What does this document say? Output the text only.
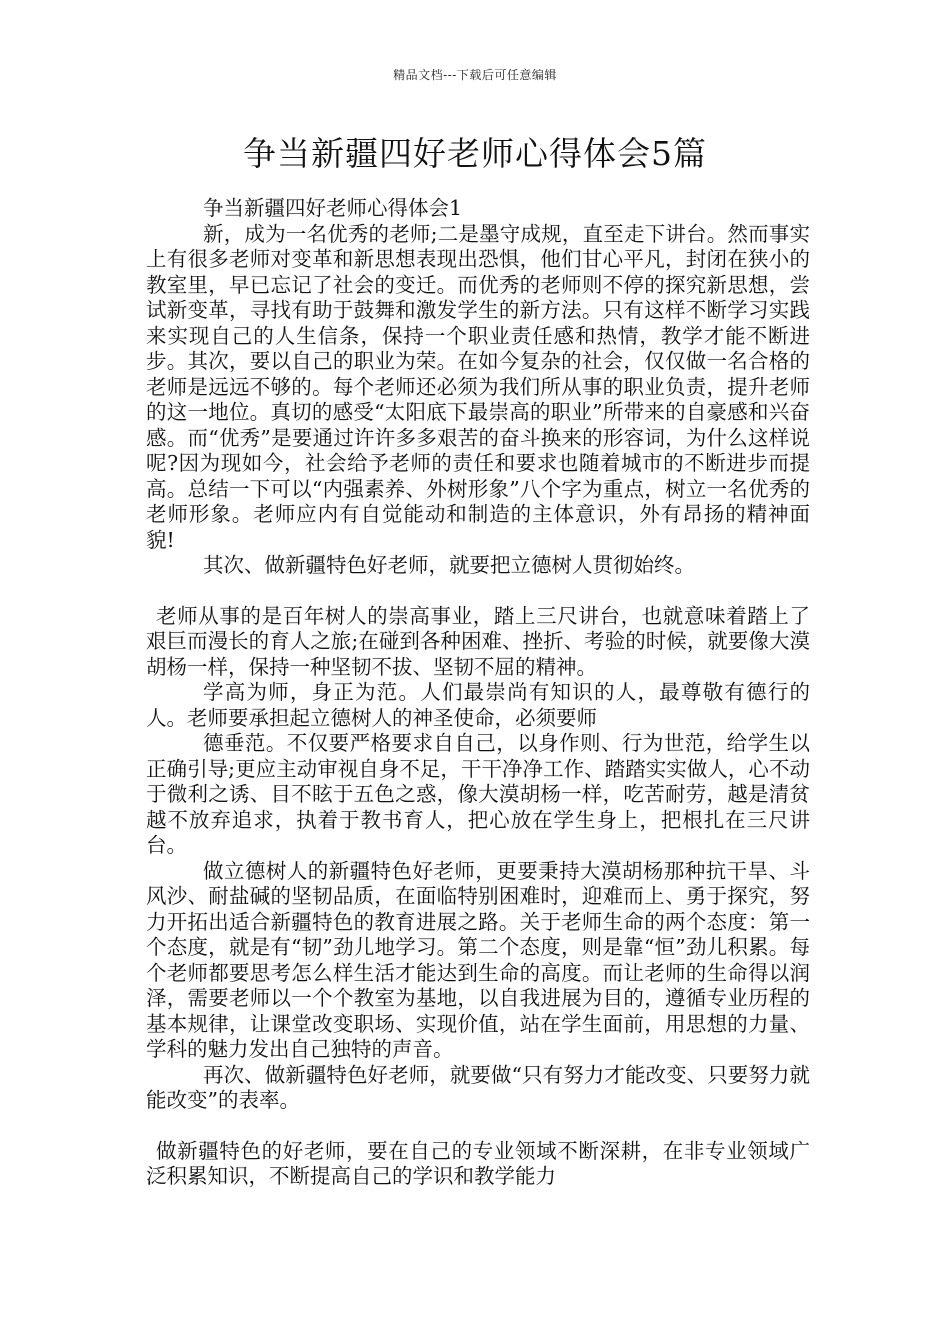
精品文档---下载后可任意编辑
争当新疆四好老师心得体会5篇

争当新疆四好老师心得体会1

新，成为一名优秀的老师;二是墨守成规，直至走下讲台。然而事实上有很多老师对变革和新思想表现出恐惧，他们甘心平凡，封闭在狭小的教室里，早已忘记了社会的变迁。而优秀的老师则不停的探究新思想，尝试新变革，寻找有助于鼓舞和激发学生的新方法。只有这样不断学习实践来实现自己的人生信条，保持一个职业责任感和热情，教学才能不断进步。其次，要以自己的职业为荣。在如今复杂的社会，仅仅做一名合格的老师是远远不够的。每个老师还必须为我们所从事的职业负责，提升老师的这一地位。真切的感受“太阳底下最崇高的职业”所带来的自豪感和兴奋感。而“优秀”是要通过许许多多艰苦的奋斗换来的形容词，为什么这样说呢?因为现如今，社会给予老师的责任和要求也随着城市的不断进步而提高。总结一下可以“内强素养、外树形象”八个字为重点，树立一名优秀的老师形象。老师应内有自觉能动和制造的主体意识，外有昂扬的精神面貌!

其次、做新疆特色好老师，就要把立德树人贯彻始终。

老师从事的是百年树人的崇高事业，踏上三尺讲台，也就意味着踏上了艰巨而漫长的育人之旅;在碰到各种困难、挫折、考验的时候，就要像大漠胡杨一样，保持一种坚韧不拔、坚韧不屈的精神。

学高为师，身正为范。人们最崇尚有知识的人，最尊敬有德行的人。老师要承担起立德树人的神圣使命，必须要师

德垂范。不仅要严格要求自自己，以身作则、行为世范，给学生以正确引导;更应主动审视自身不足，干干净净工作、踏踏实实做人，心不动于微利之诱、目不眩于五色之惑，像大漠胡杨一样，吃苦耐劳，越是清贫越不放弃追求，执着于教书育人，把心放在学生身上，把根扎在三尺讲台。

做立德树人的新疆特色好老师，更要秉持大漠胡杨那种抗干旱、斗风沙、耐盐碱的坚韧品质，在面临特别困难时，迎难而上、勇于探究，努力开拓出适合新疆特色的教育进展之路。关于老师生命的两个态度：第一个态度，就是有“韧”劲儿地学习。第二个态度，则是靠“恒”劲儿积累。每个老师都要思考怎么样生活才能达到生命的高度。而让老师的生命得以润泽，需要老师以一个个教室为基地，以自我进展为目的，遵循专业历程的基本规律，让课堂改变职场、实现价值，站在学生面前，用思想的力量、学科的魅力发出自己独特的声音。

再次、做新疆特色好老师，就要做“只有努力才能改变、只要努力就能改变”的表率。

做新疆特色的好老师，要在自己的专业领域不断深耕，在非专业领域广泛积累知识，不断提高自己的学识和教学能力
